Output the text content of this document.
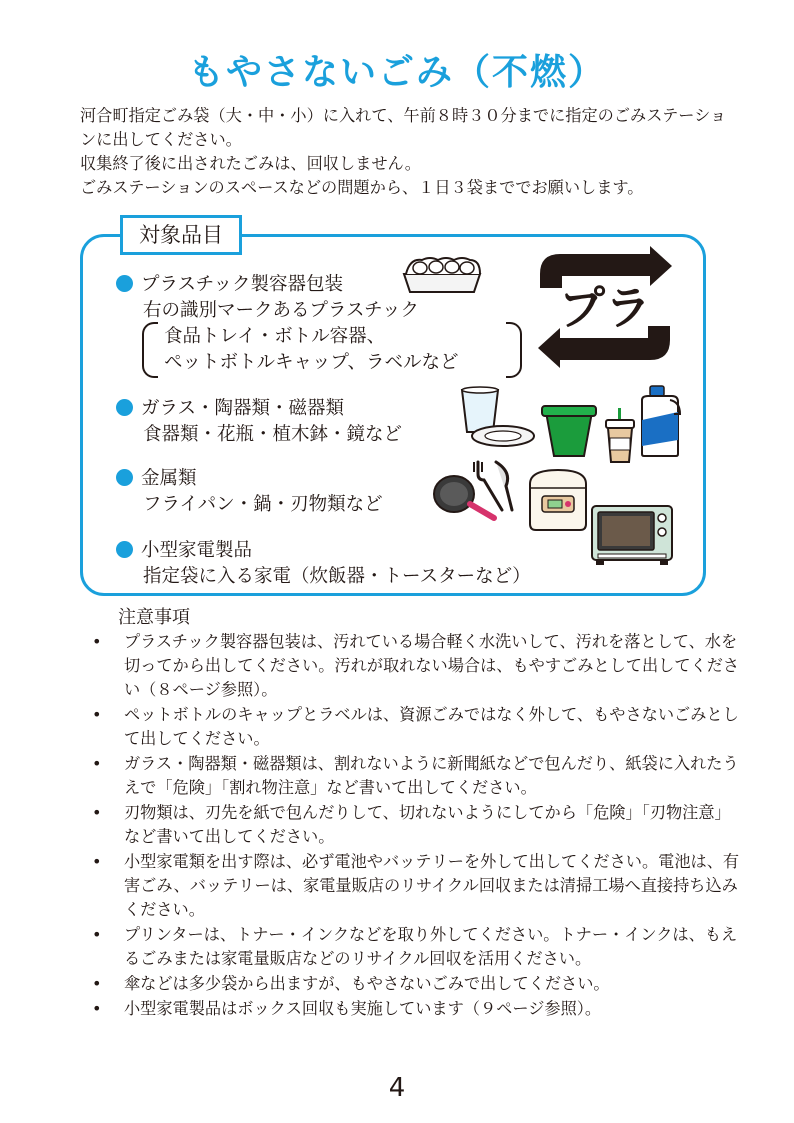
もやさないごみ（不燃）

河合町指定ごみ袋（大・中・小）に入れて、午前８時３０分までに指定のごみステーションに出してください。

収集終了後に出されたごみは、回収しません。

ごみステーションのスペースなどの問題から、１日３袋まででお願いします。

対象品目
プラスチック製容器包装
右の識別マークあるプラスチック
食品トレイ・ボトル容器、
ペットボトルキャップ、ラベルなど
ガラス・陶器類・磁器類
食器類・花瓶・植木鉢・鏡など
金属類
フライパン・鍋・刃物類など
小型家電製品
指定袋に入る家電（炊飯器・トースターなど）
プラ
注意事項
• プラスチック製容器包装は、汚れている場合軽く水洗いして、汚れを落として、水を切ってから出してください。汚れが取れない場合は、もやすごみとして出してください（８ページ参照）。
• ペットボトルのキャップとラベルは、資源ごみではなく外して、もやさないごみとして出してください。
• ガラス・陶器類・磁器類は、割れないように新聞紙などで包んだり、紙袋に入れたうえで「危険」「割れ物注意」など書いて出してください。
• 刃物類は、刃先を紙で包んだりして、切れないようにしてから「危険」「刃物注意」など書いて出してください。
• 小型家電類を出す際は、必ず電池やバッテリーを外して出してください。電池は、有害ごみ、バッテリーは、家電量販店のリサイクル回収または清掃工場へ直接持ち込みください。
• プリンターは、トナー・インクなどを取り外してください。トナー・インクは、もえるごみまたは家電量販店などのリサイクル回収を活用ください。
• 傘などは多少袋から出ますが、もやさないごみで出してください。
• 小型家電製品はボックス回収も実施しています（９ページ参照）。
4
